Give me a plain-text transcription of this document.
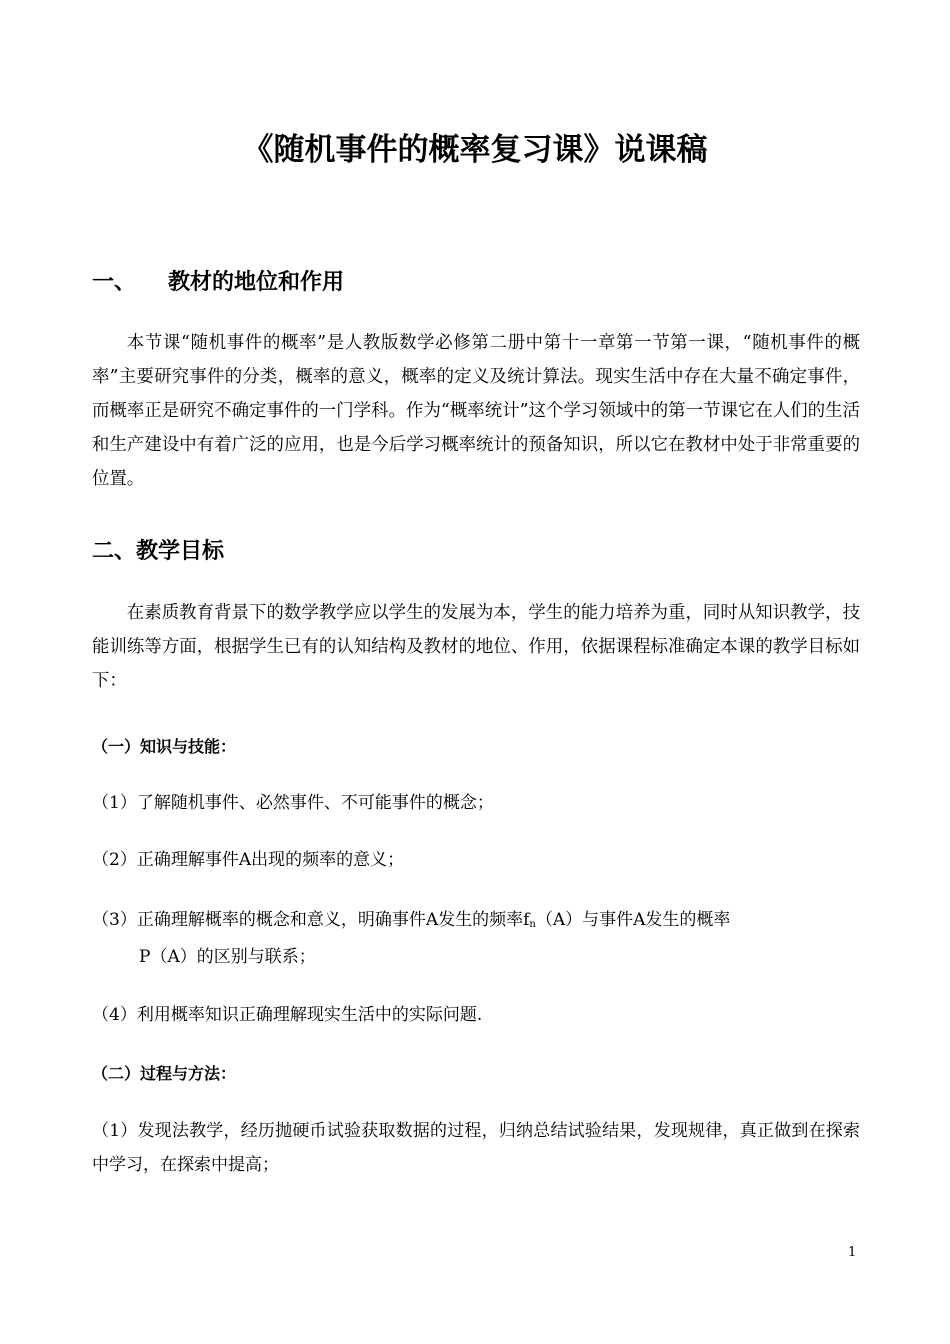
《随机事件的概率复习课》说课稿
一、 教材的地位和作用
本节课“随机事件的概率”是人教版数学必修第二册中第十一章第一节第一课，“随机事件的概率”主要研究事件的分类，概率的意义，概率的定义及统计算法。现实生活中存在大量不确定事件，而概率正是研究不确定事件的一门学科。作为“概率统计”这个学习领域中的第一节课它在人们的生活和生产建设中有着广泛的应用，也是今后学习概率统计的预备知识，所以它在教材中处于非常重要的位置。
二、教学目标
在素质教育背景下的数学教学应以学生的发展为本，学生的能力培养为重，同时从知识教学，技能训练等方面，根据学生已有的认知结构及教材的地位、作用，依据课程标准确定本课的教学目标如下：
（一）知识与技能：
（1）了解随机事件、必然事件、不可能事件的概念；
（2）正确理解事件A出现的频率的意义；
（3）正确理解概率的概念和意义，明确事件A发生的频率$f_n(A)$与事件A发生的概率
P（A）的区别与联系；
（4）利用概率知识正确理解现实生活中的实际问题.
（二）过程与方法：
（1）发现法教学，经历抛硬币试验获取数据的过程，归纳总结试验结果，发现规律，真正做到在探索中学习，在探索中提高；
1
